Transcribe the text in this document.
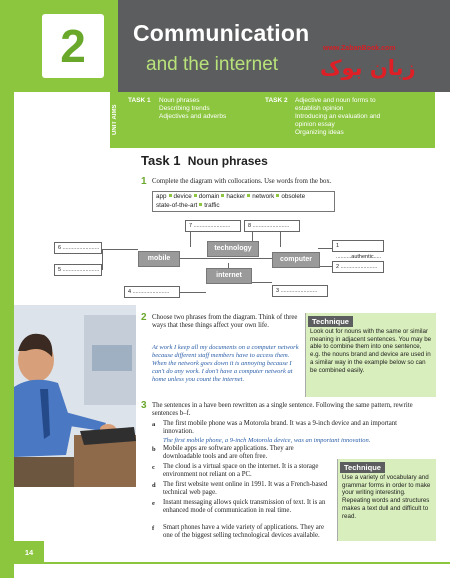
2	Communication
and the internet
www.ZabanBook.com
زبان بوک
UNIT AIMS
TASK 1 Noun phrases
Describing trends
Adjectives and adverbs
TASK 2 Adjective and noun forms to
establish opinion
Introducing an evaluation and
opinion essay
Organizing ideas
Task 1 Noun phrases
1 Complete the diagram with collocations. Use words from the box.
app device domain hacker network obsolete
state-of-the-art traffic
technology
mobile	computer
internet
1 ..........authentic.....
2 ........................
3 ........................
4 ........................
5 ........................
6 ........................
7 ........................	8 ........................
2 Choose two phrases from the diagram. Think of three ways that these things affect your own life.
At work I keep all my documents on a computer network because different staff members have to access them. When the network goes down it is annoying because I can't do any work. I don't have a computer network at home unless you count the internet.
Technique
Look out for nouns with the same or similar meaning in adjacent sentences. You may be able to combine them into one sentence, e.g. the nouns brand and device are used in a similar way in the example below so can be combined easily.
3 The sentences in a have been rewritten as a single sentence. Following the same pattern, rewrite sentences b–f.
a The first mobile phone was a Motorola brand. It was a 9-inch device and an important innovation.
The first mobile phone, a 9-inch Motorola device, was an important innovation.
b Mobile apps are software applications. They are downloadable tools and are often free.
c The cloud is a virtual space on the internet. It is a storage environment not reliant on a PC.
d The first website went online in 1991. It was a French-based technical web page.
e Instant messaging allows quick transmission of text. It is an enhanced mode of communication in real time.
f Smart phones have a wide variety of applications. They are one of the biggest selling technological devices available.
Technique
Use a variety of vocabulary and grammar forms in order to make your writing interesting. Repeating words and structures makes a text dull and difficult to read.
14
